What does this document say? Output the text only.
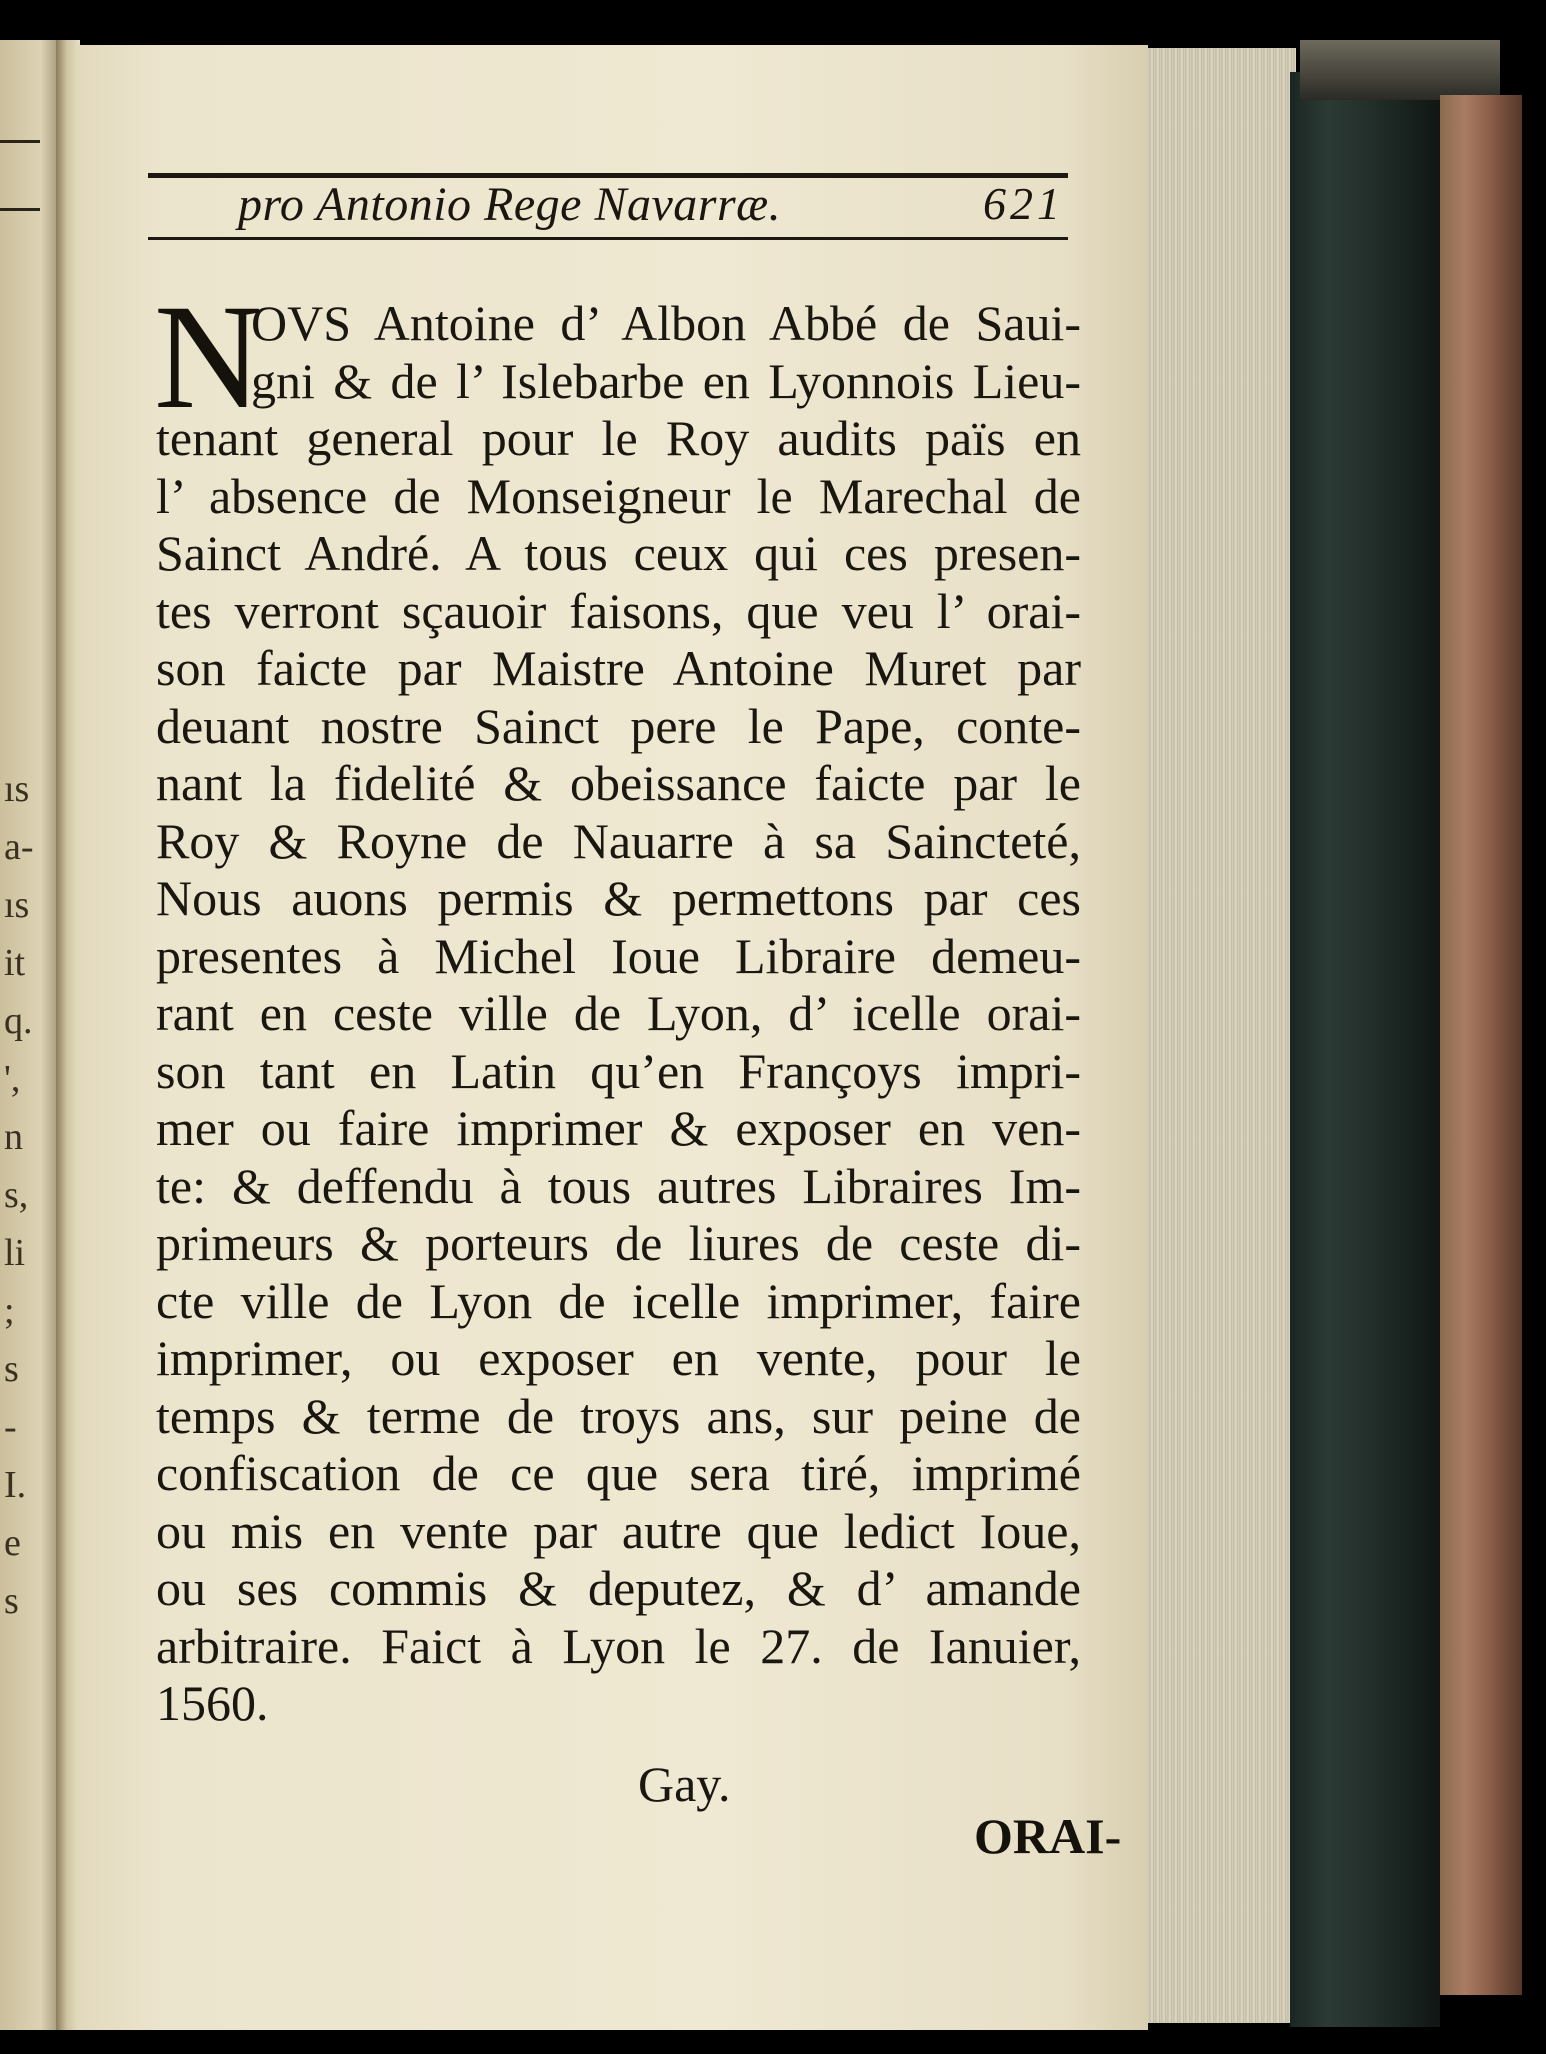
ıs
a-
ıs
it
q.
',
n
s,
li
;
s
-
I.
e
s
pro Antonio Rege Navarræ.	621
N
OVS Antoine d’ Albon Abbé de Saui-
gni & de l’ Islebarbe en Lyonnois Lieu-
tenant general pour le Roy audits païs en
l’ absence de Monseigneur le Marechal de
Sainct André. A tous ceux qui ces presen-
tes verront sçauoir faisons, que veu l’ orai-
son faicte par Maistre Antoine Muret par
deuant nostre Sainct pere le Pape, conte-
nant la fidelité & obeissance faicte par le
Roy & Royne de Nauarre à sa Saincteté,
Nous auons permis & permettons par ces
presentes à Michel Ioue Libraire demeu-
rant en ceste ville de Lyon, d’ icelle orai-
son tant en Latin qu’en Françoys impri-
mer ou faire imprimer & exposer en ven-
te: & deffendu à tous autres Libraires Im-
primeurs & porteurs de liures de ceste di-
cte ville de Lyon de icelle imprimer, faire
imprimer, ou exposer en vente, pour le
temps & terme de troys ans, sur peine de
confiscation de ce que sera tiré, imprimé
ou mis en vente par autre que ledict Ioue,
ou ses commis & deputez, & d’ amande
arbitraire. Faict à Lyon le 27. de Ianuier,
1560.
Gay.
ORAI-
